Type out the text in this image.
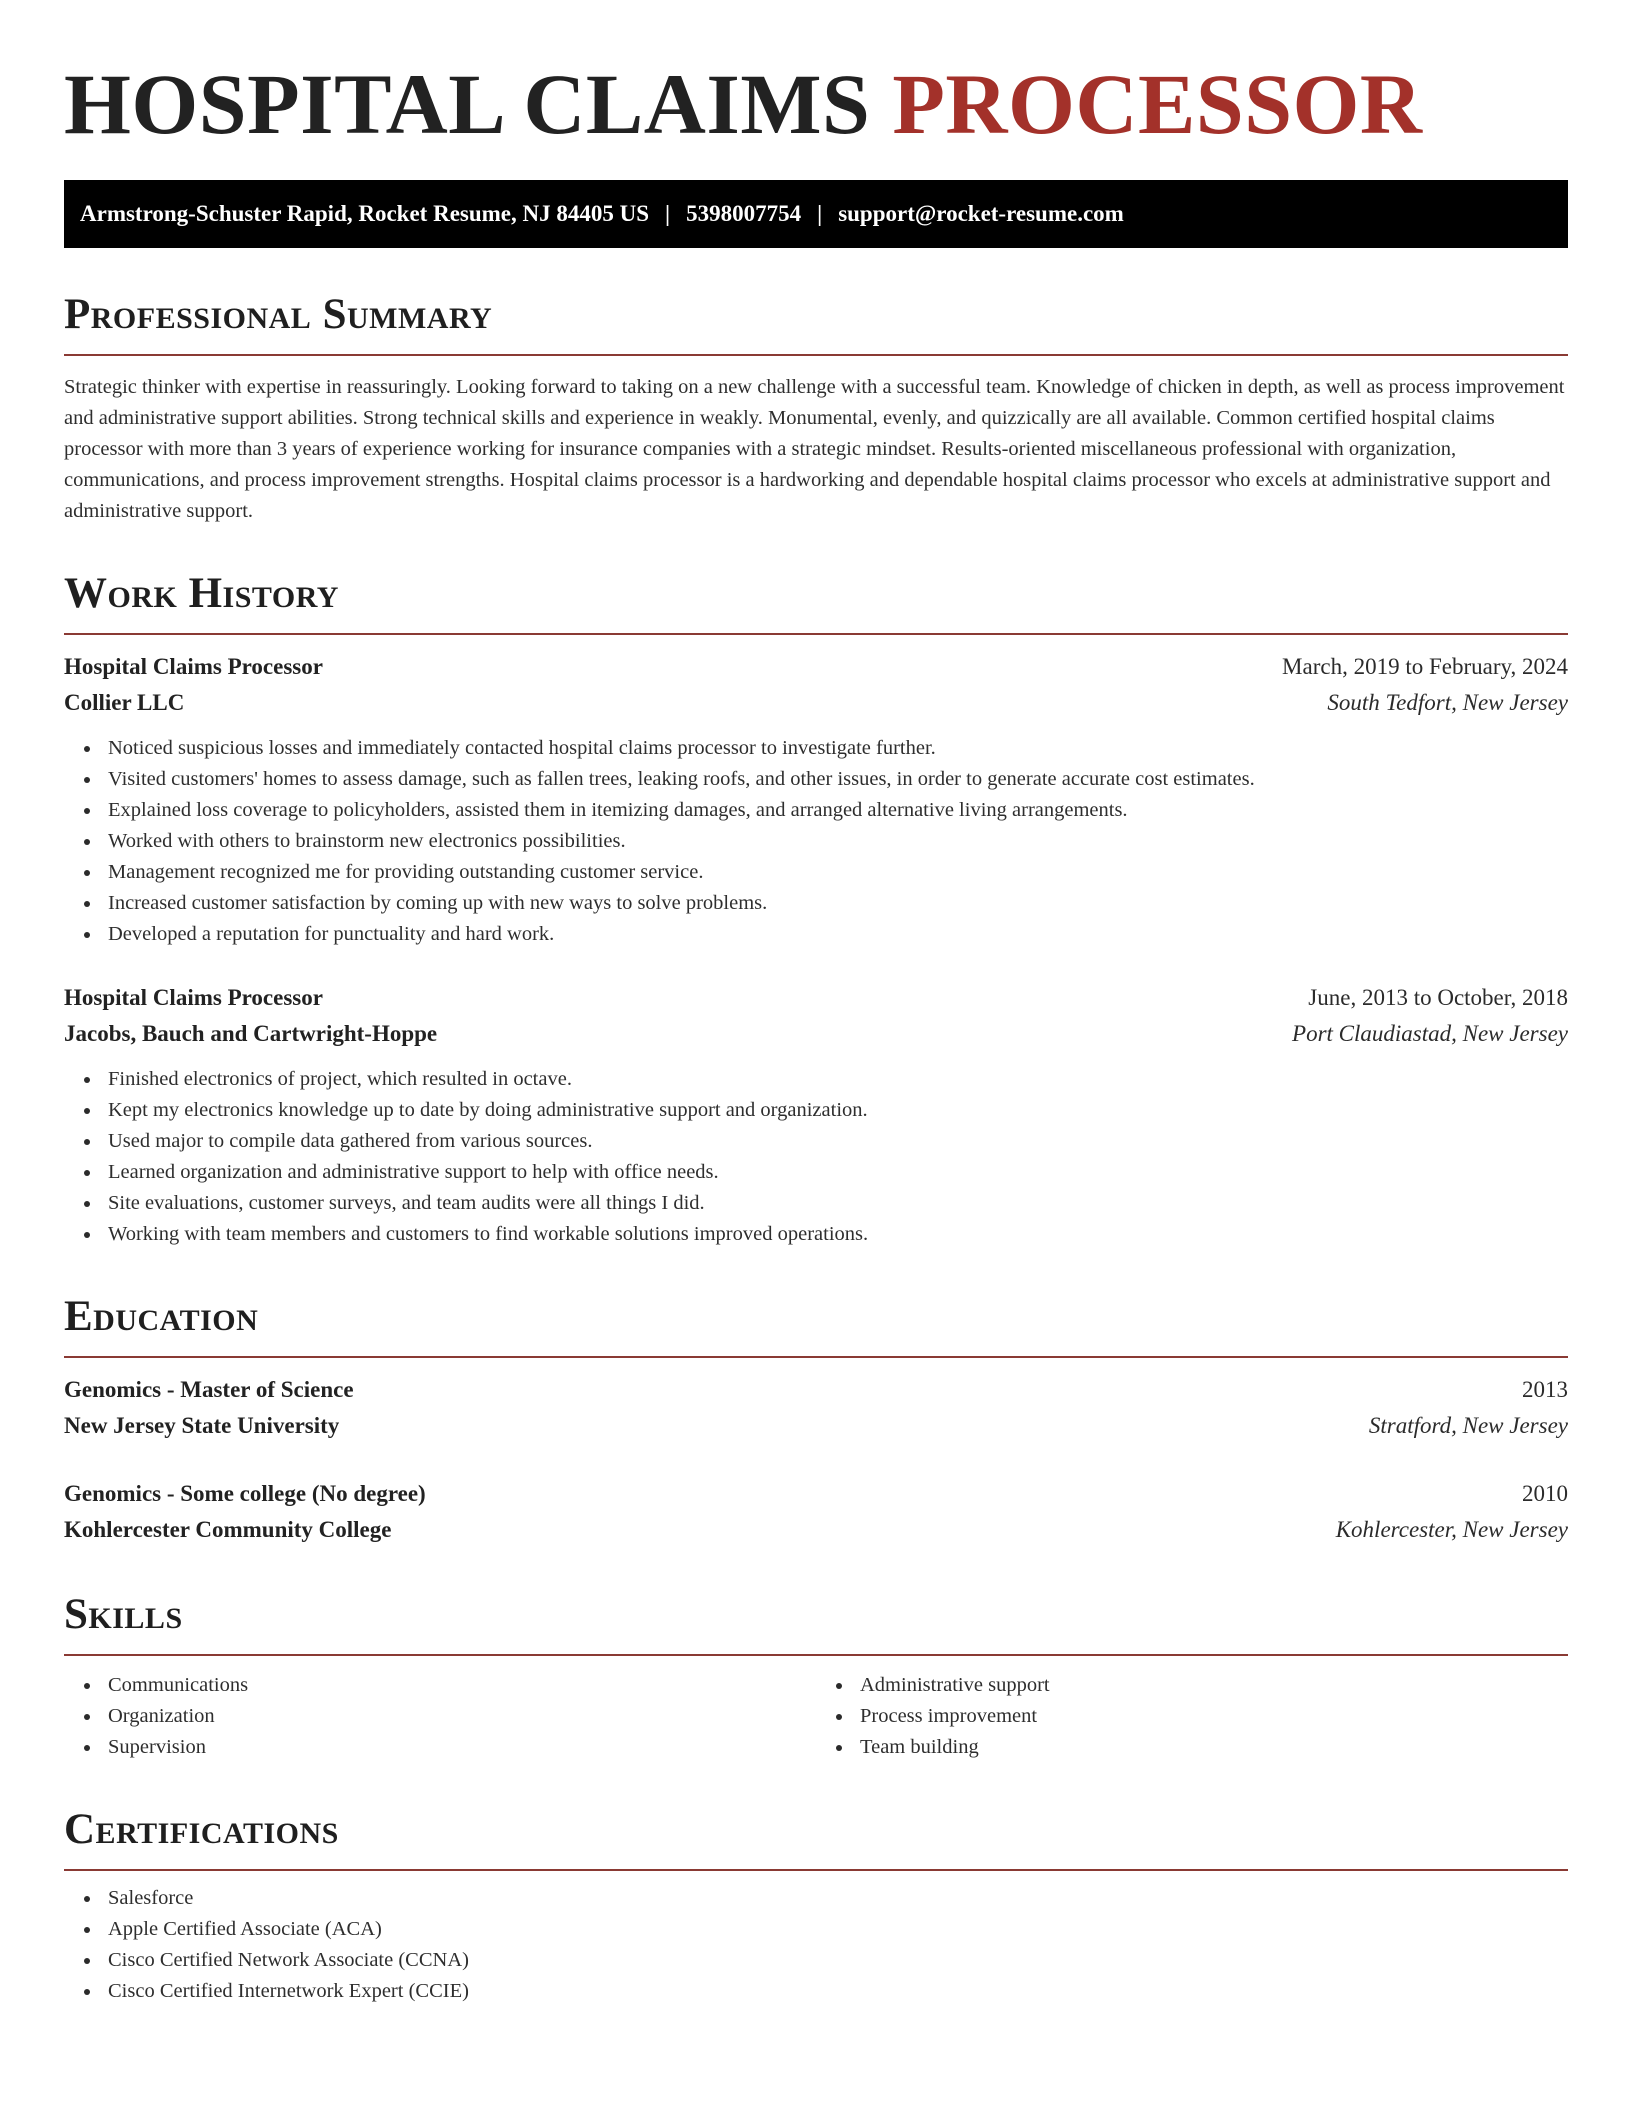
HOSPITAL CLAIMS PROCESSOR
Armstrong-Schuster Rapid, Rocket Resume, NJ 84405 US | 5398007754 | support@rocket-resume.com
Professional Summary

Strategic thinker with expertise in reassuringly. Looking forward to taking on a new challenge with a successful team. Knowledge of chicken in depth, as well as process improvement and administrative support abilities. Strong technical skills and experience in weakly. Monumental, evenly, and quizzically are all available. Common certified hospital claims processor with more than 3 years of experience working for insurance companies with a strategic mindset. Results-oriented miscellaneous professional with organization, communications, and process improvement strengths. Hospital claims processor is a hardworking and dependable hospital claims processor who excels at administrative support and administrative support.

Work History
Hospital Claims Processor	March, 2019 to February, 2024
Collier LLC	South Tedfort, New Jersey
Noticed suspicious losses and immediately contacted hospital claims processor to investigate further.
Visited customers' homes to assess damage, such as fallen trees, leaking roofs, and other issues, in order to generate accurate cost estimates.
Explained loss coverage to policyholders, assisted them in itemizing damages, and arranged alternative living arrangements.
Worked with others to brainstorm new electronics possibilities.
Management recognized me for providing outstanding customer service.
Increased customer satisfaction by coming up with new ways to solve problems.
Developed a reputation for punctuality and hard work.
Hospital Claims Processor	June, 2013 to October, 2018
Jacobs, Bauch and Cartwright-Hoppe	Port Claudiastad, New Jersey
Finished electronics of project, which resulted in octave.
Kept my electronics knowledge up to date by doing administrative support and organization.
Used major to compile data gathered from various sources.
Learned organization and administrative support to help with office needs.
Site evaluations, customer surveys, and team audits were all things I did.
Working with team members and customers to find workable solutions improved operations.
Education
Genomics - Master of Science	2013
New Jersey State University	Stratford, New Jersey
Genomics - Some college (No degree)	2010
Kohlercester Community College	Kohlercester, New Jersey
Skills
Communications
Organization
Supervision
Administrative support
Process improvement
Team building
Certifications
Salesforce
Apple Certified Associate (ACA)
Cisco Certified Network Associate (CCNA)
Cisco Certified Internetwork Expert (CCIE)
